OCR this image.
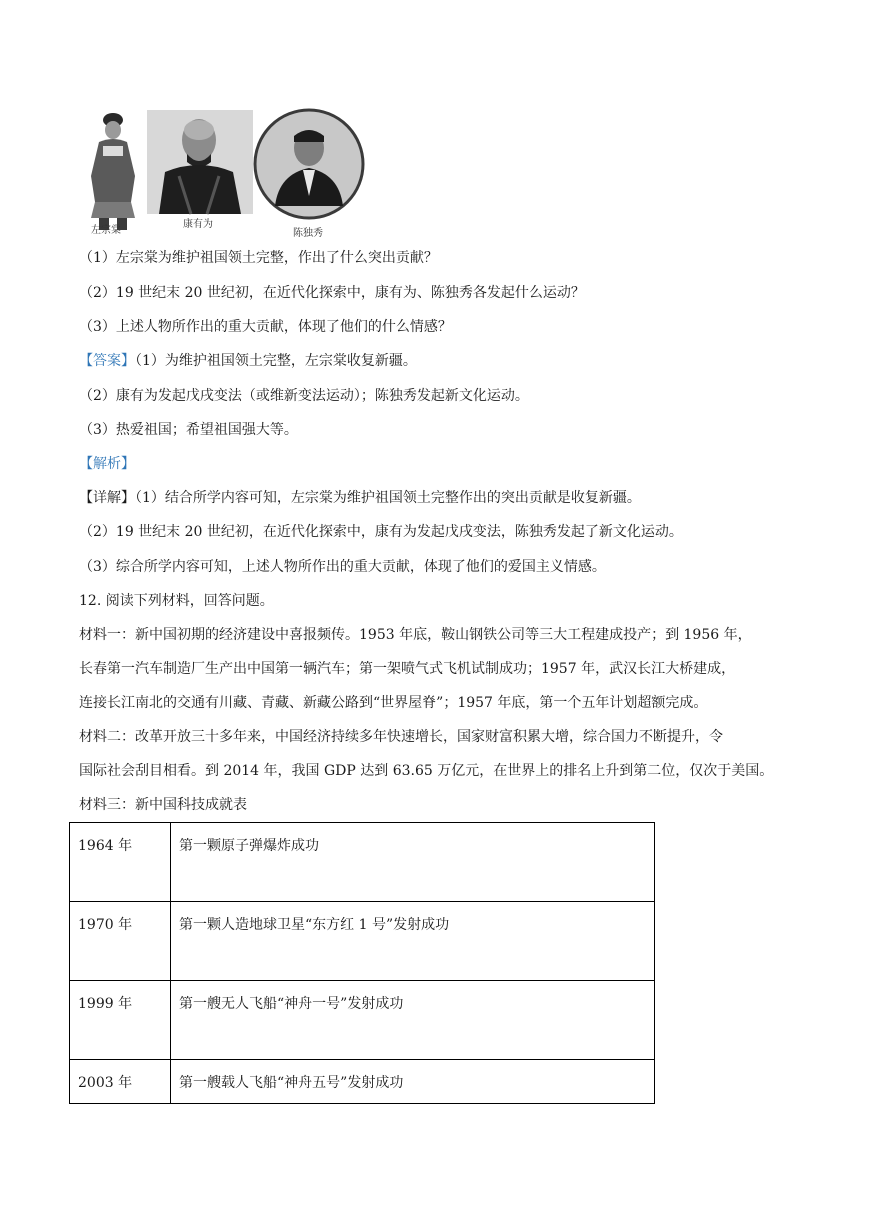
左宗棠
康有为
陈独秀
（1）左宗棠为维护祖国领土完整，作出了什么突出贡献？
（2）19 世纪末 20 世纪初，在近代化探索中，康有为、陈独秀各发起什么运动？
（3）上述人物所作出的重大贡献，体现了他们的什么情感？
【答案】（1）为维护祖国领土完整，左宗棠收复新疆。
（2）康有为发起戊戌变法（或维新变法运动）；陈独秀发起新文化运动。
（3）热爱祖国；希望祖国强大等。
【解析】
【详解】（1）结合所学内容可知，左宗棠为维护祖国领土完整作出的突出贡献是收复新疆。
（2）19 世纪末 20 世纪初，在近代化探索中，康有为发起戊戌变法，陈独秀发起了新文化运动。
（3）综合所学内容可知，上述人物所作出的重大贡献，体现了他们的爱国主义情感。
12. 阅读下列材料，回答问题。
材料一：新中国初期的经济建设中喜报频传。1953 年底，鞍山钢铁公司等三大工程建成投产；到 1956 年，
长春第一汽车制造厂生产出中国第一辆汽车；第一架喷气式飞机试制成功；1957 年，武汉长江大桥建成，
连接长江南北的交通有川藏、青藏、新藏公路到“世界屋脊”；1957 年底，第一个五年计划超额完成。
材料二：改革开放三十多年来，中国经济持续多年快速增长，国家财富积累大增，综合国力不断提升，令
国际社会刮目相看。到 2014 年，我国 GDP 达到 63.65 万亿元，在世界上的排名上升到第二位，仅次于美国。
材料三：新中国科技成就表
1964 年	第一颗原子弹爆炸成功
1970 年	第一颗人造地球卫星“东方红 1 号”发射成功
1999 年	第一艘无人飞船“神舟一号”发射成功
2003 年	第一艘载人飞船“神舟五号”发射成功
